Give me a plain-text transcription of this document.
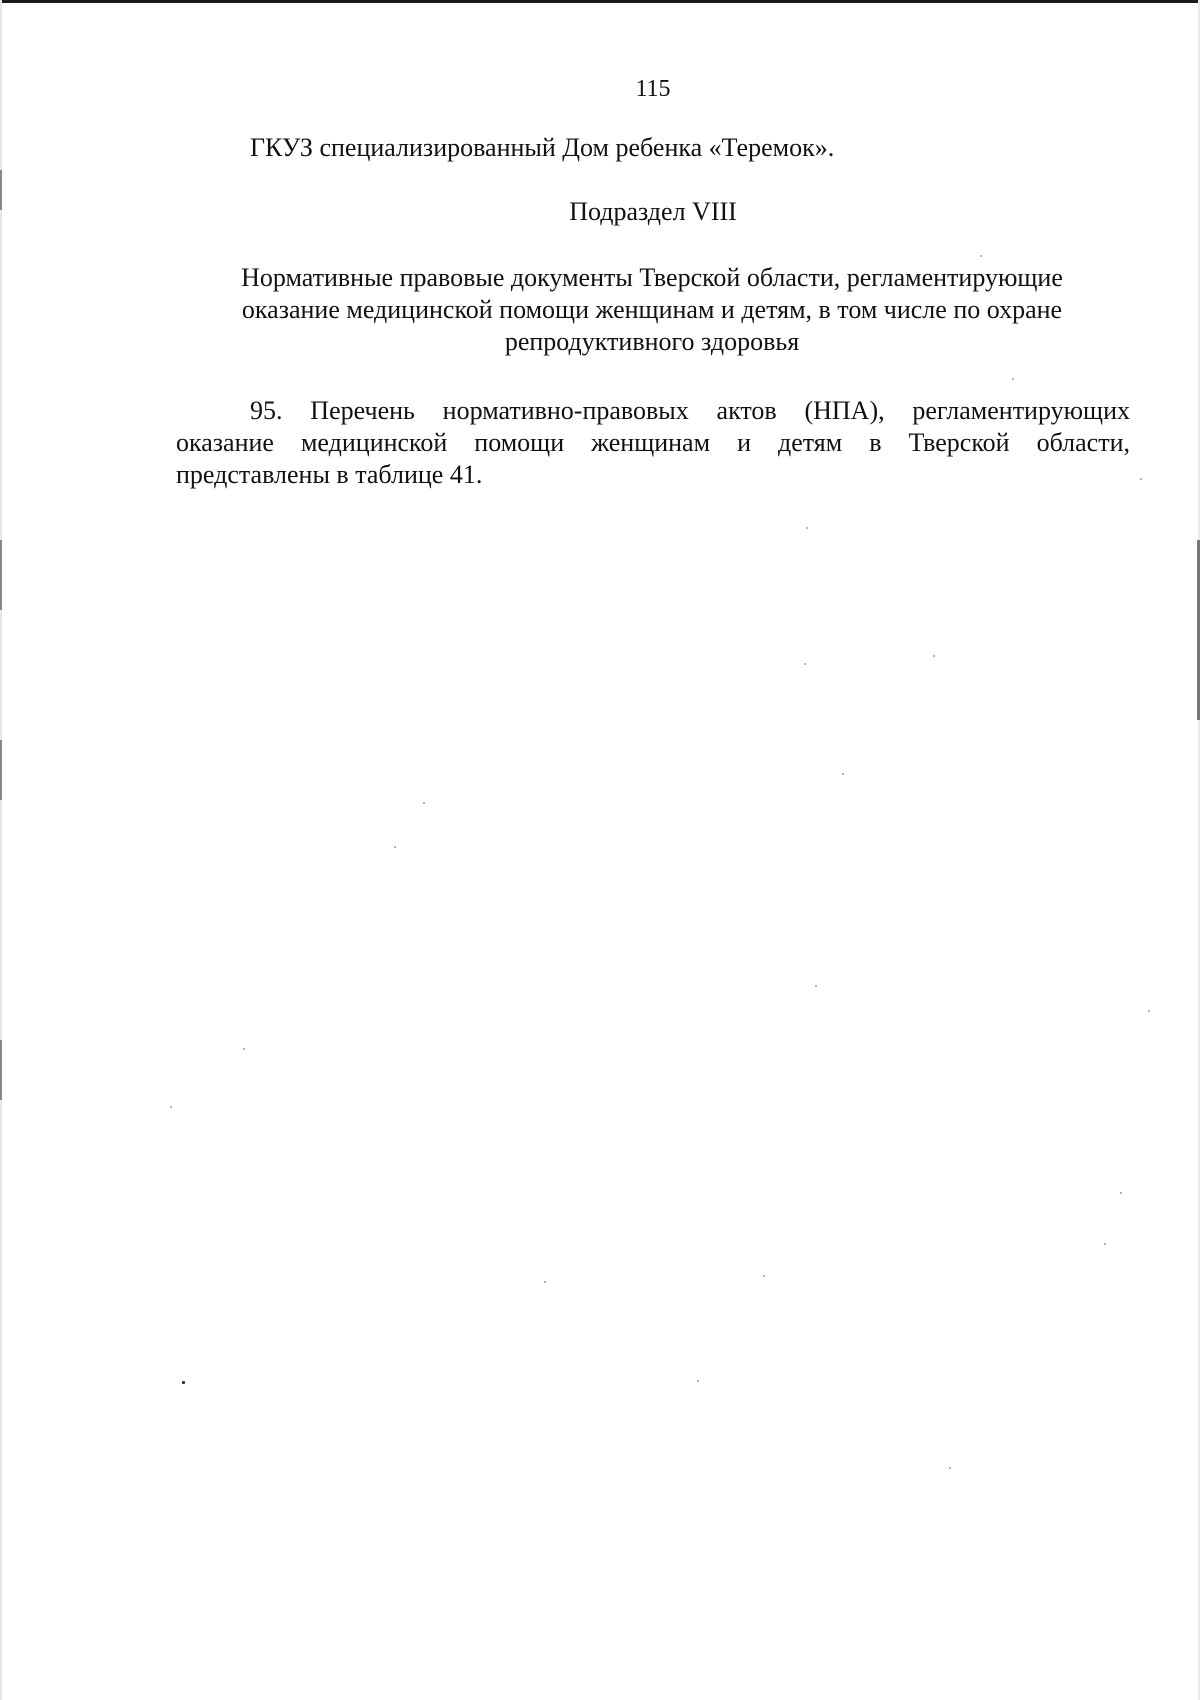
115
ГКУЗ специализированный Дом ребенка «Теремок».
Подраздел VIII
Нормативные правовые документы Тверской области, регламентирующие
оказание медицинской помощи женщинам и детям, в том числе по охране
репродуктивного здоровья
95. Перечень нормативно-правовых актов (НПА), регламентирующих
оказание медицинской помощи женщинам и детям в Тверской области,
представлены в таблице 41.
